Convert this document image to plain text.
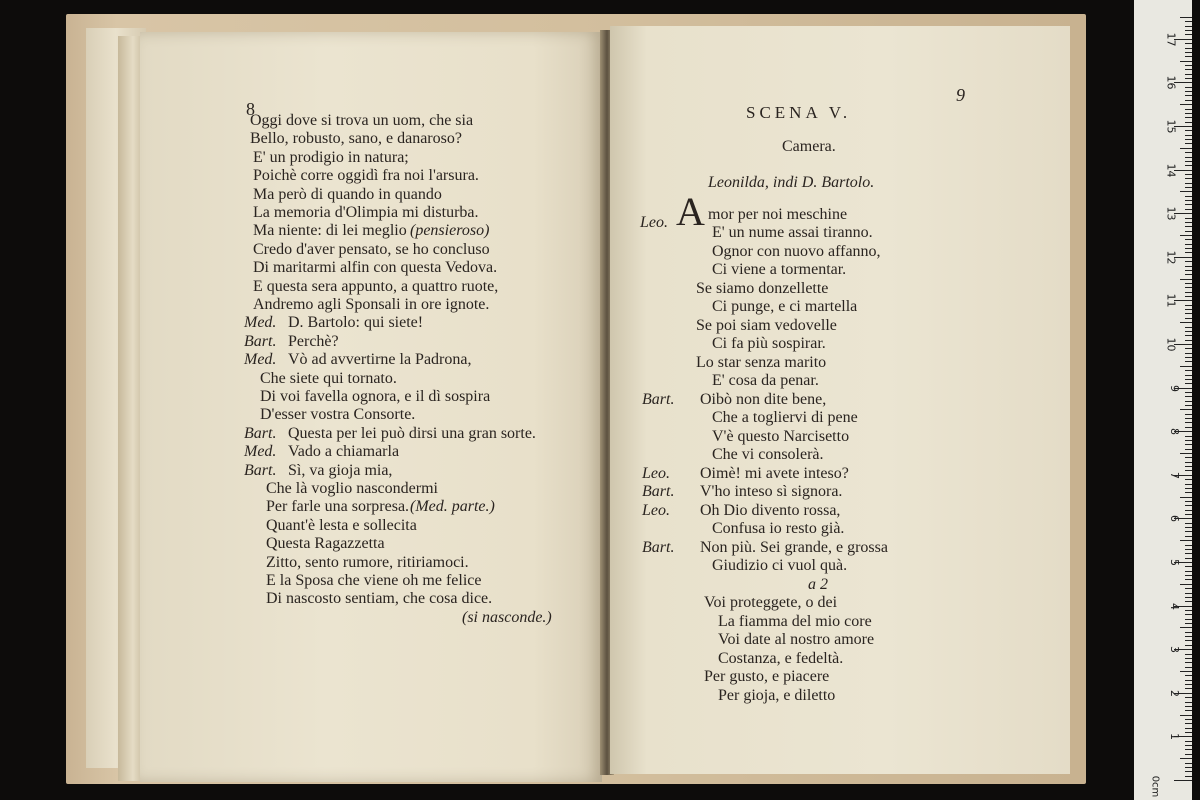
8
Oggi dove si trova un uom, che sia
Bello, robusto, sano, e danaroso?
E' un prodigio in natura;
Poichè corre oggidì fra noi l'arsura.
Ma però di quando in quando
La memoria d'Olimpia mi disturba.
Ma niente: di lei meglio (pensieroso)
Credo d'aver pensato, se ho concluso
Di maritarmi alfin con questa Vedova.
E questa sera appunto, a quattro ruote,
Andremo agli Sponsali in ore ignote.
Med. D. Bartolo: qui siete!
Bart. Perchè?
Med. Vò ad avvertirne la Padrona,
Che siete qui tornato.
Di voi favella ognora, e il dì sospira
D'esser vostra Consorte.
Bart. Questa per lei può dirsi una gran sorte.
Med. Vado a chiamarla
Bart. Sì, va gioja mia,
Che là voglio nascondermi
Per farle una sorpresa. (Med. parte.)
Quant'è lesta e sollecita
Questa Ragazzetta
Zitto, sento rumore, ritiriamoci.
E la Sposa che viene oh me felice
Di nascosto sentiam, che cosa dice.
(si nasconde.)
9
SCENA V.
Camera.
Leonilda, indi D. Bartolo.
Leo. A mor per noi meschine
E' un nume assai tiranno.
Ognor con nuovo affanno,
Ci viene a tormentar.
Se siamo donzellette
Ci punge, e ci martella
Se poi siam vedovelle
Ci fa più sospirar.
Lo star senza marito
E' cosa da penar.
Bart. Oibò non dite bene,
Che a togliervi di pene
V'è questo Narcisetto
Che vi consolerà.
Leo. Oimè! mi avete inteso?
Bart. V'ho inteso sì signora.
Leo. Oh Dio divento rossa,
Confusa io resto già.
Bart. Non più. Sei grande, e grossa
Giudizio ci vuol quà.
a 2
Voi proteggete, o dei
La fiamma del mio core
Voi date al nostro amore
Costanza, e fedeltà.
Per gusto, e piacere
Per gioja, e diletto
17
16
15
14
13
12
11
10
9
8
7
6
5
4
3
2
1
0cm
